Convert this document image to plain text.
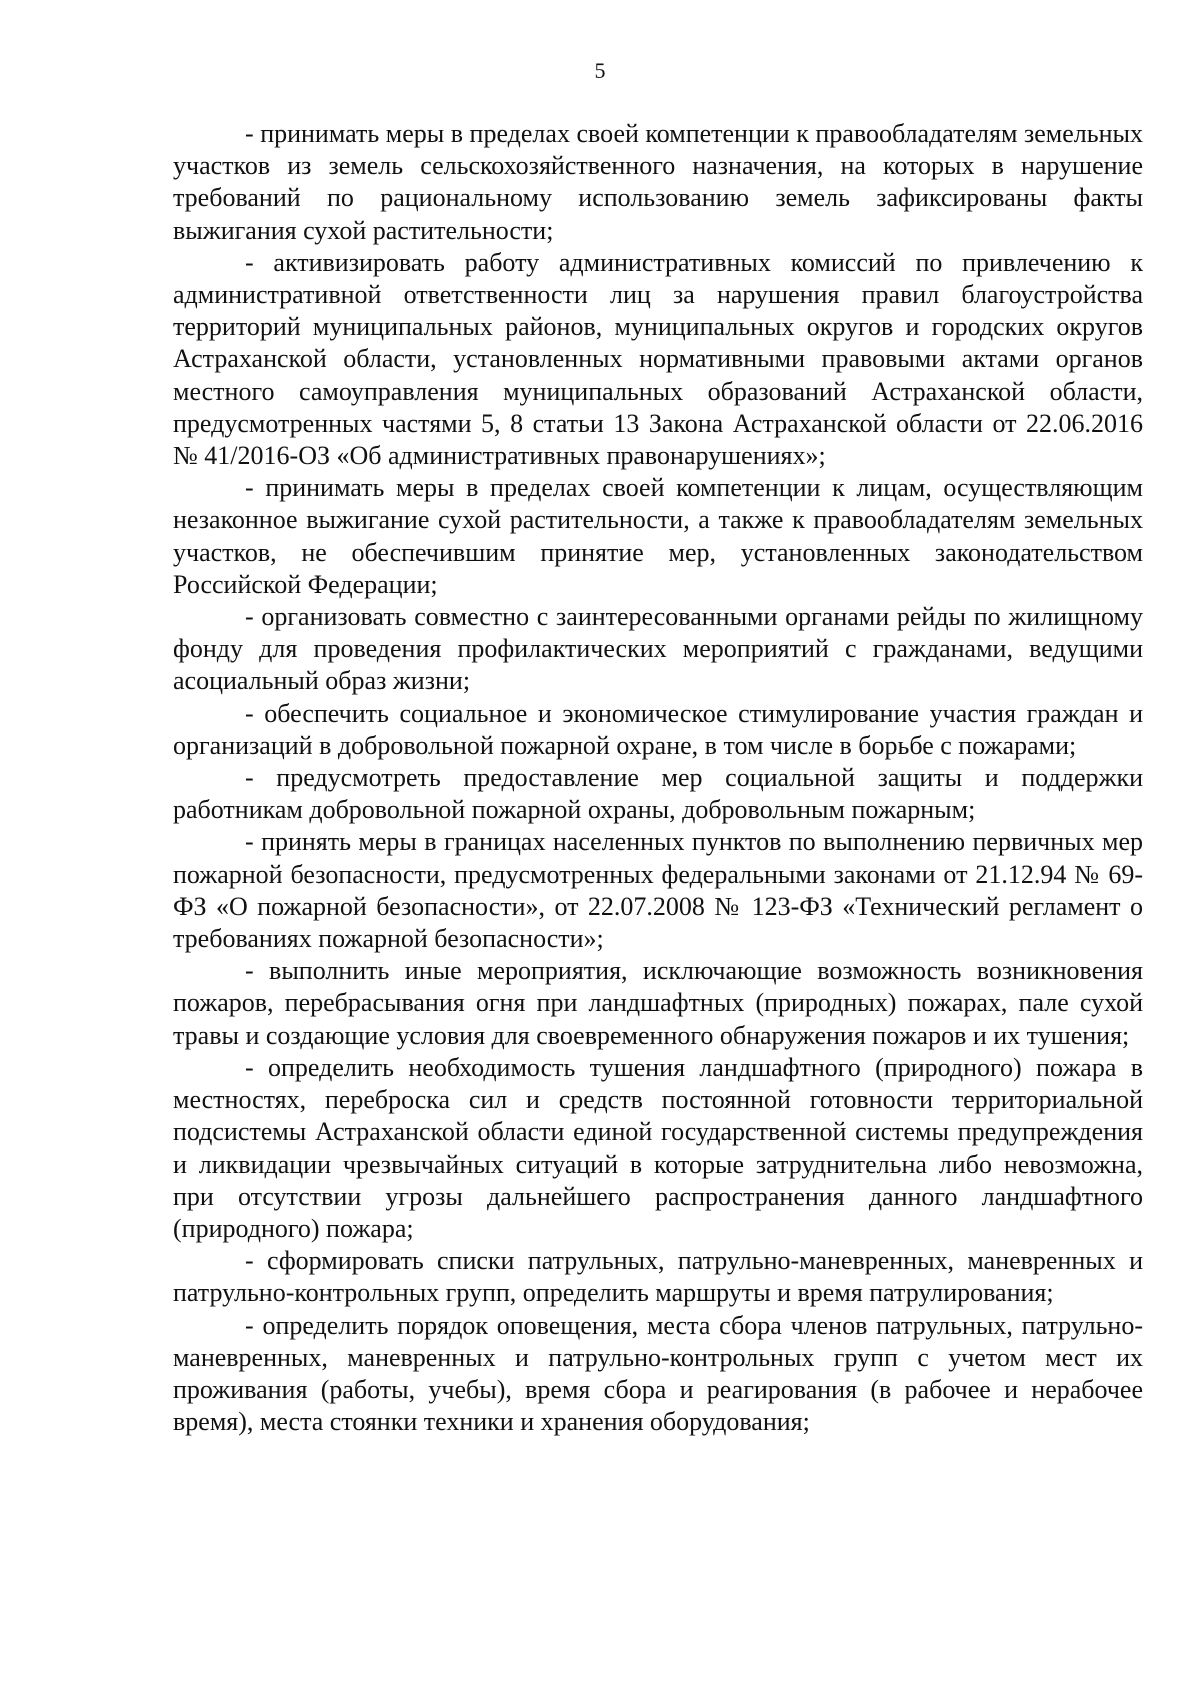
5

- принимать меры в пределах своей компетенции к правообладателям земельных участков из земель сельскохозяйственного назначения, на которых в нарушение требований по рациональному использованию земель зафиксированы факты выжигания сухой растительности;

- активизировать работу административных комиссий по привлечению к административной ответственности лиц за нарушения правил благоустройства территорий муниципальных районов, муниципальных округов и городских округов Астраханской области, установленных нормативными правовыми актами органов местного самоуправления муниципальных образований Астраханской области, предусмотренных частями 5, 8 статьи 13 Закона Астраханской области от 22.06.2016 № 41/2016-ОЗ «Об административных правонарушениях»;

- принимать меры в пределах своей компетенции к лицам, осуществляющим незаконное выжигание сухой растительности, а также к правообладателям земельных участков, не обеспечившим принятие мер, установленных законодательством Российской Федерации;

- организовать совместно с заинтересованными органами рейды по жилищному фонду для проведения профилактических мероприятий с гражданами, ведущими асоциальный образ жизни;

- обеспечить социальное и экономическое стимулирование участия граждан и организаций в добровольной пожарной охране, в том числе в борьбе с пожарами;

- предусмотреть предоставление мер социальной защиты и поддержки работникам добровольной пожарной охраны, добровольным пожарным;

- принять меры в границах населенных пунктов по выполнению первичных мер пожарной безопасности, предусмотренных федеральными законами от 21.12.94 № 69-ФЗ «О пожарной безопасности», от 22.07.2008 № 123-ФЗ «Технический регламент о требованиях пожарной безопасности»;

- выполнить иные мероприятия, исключающие возможность возникновения пожаров, перебрасывания огня при ландшафтных (природных) пожарах, пале сухой травы и создающие условия для своевременного обнаружения пожаров и их тушения;

- определить необходимость тушения ландшафтного (природного) пожара в местностях, переброска сил и средств постоянной готовности территориальной подсистемы Астраханской области единой государственной системы предупреждения и ликвидации чрезвычайных ситуаций в которые затруднительна либо невозможна, при отсутствии угрозы дальнейшего распространения данного ландшафтного (природного) пожара;

- сформировать списки патрульных, патрульно-маневренных, маневренных и патрульно-контрольных групп, определить маршруты и время патрулирования;

- определить порядок оповещения, места сбора членов патрульных, патрульно-маневренных, маневренных и патрульно-контрольных групп с учетом мест их проживания (работы, учебы), время сбора и реагирования (в рабочее и нерабочее время), места стоянки техники и хранения оборудования;
